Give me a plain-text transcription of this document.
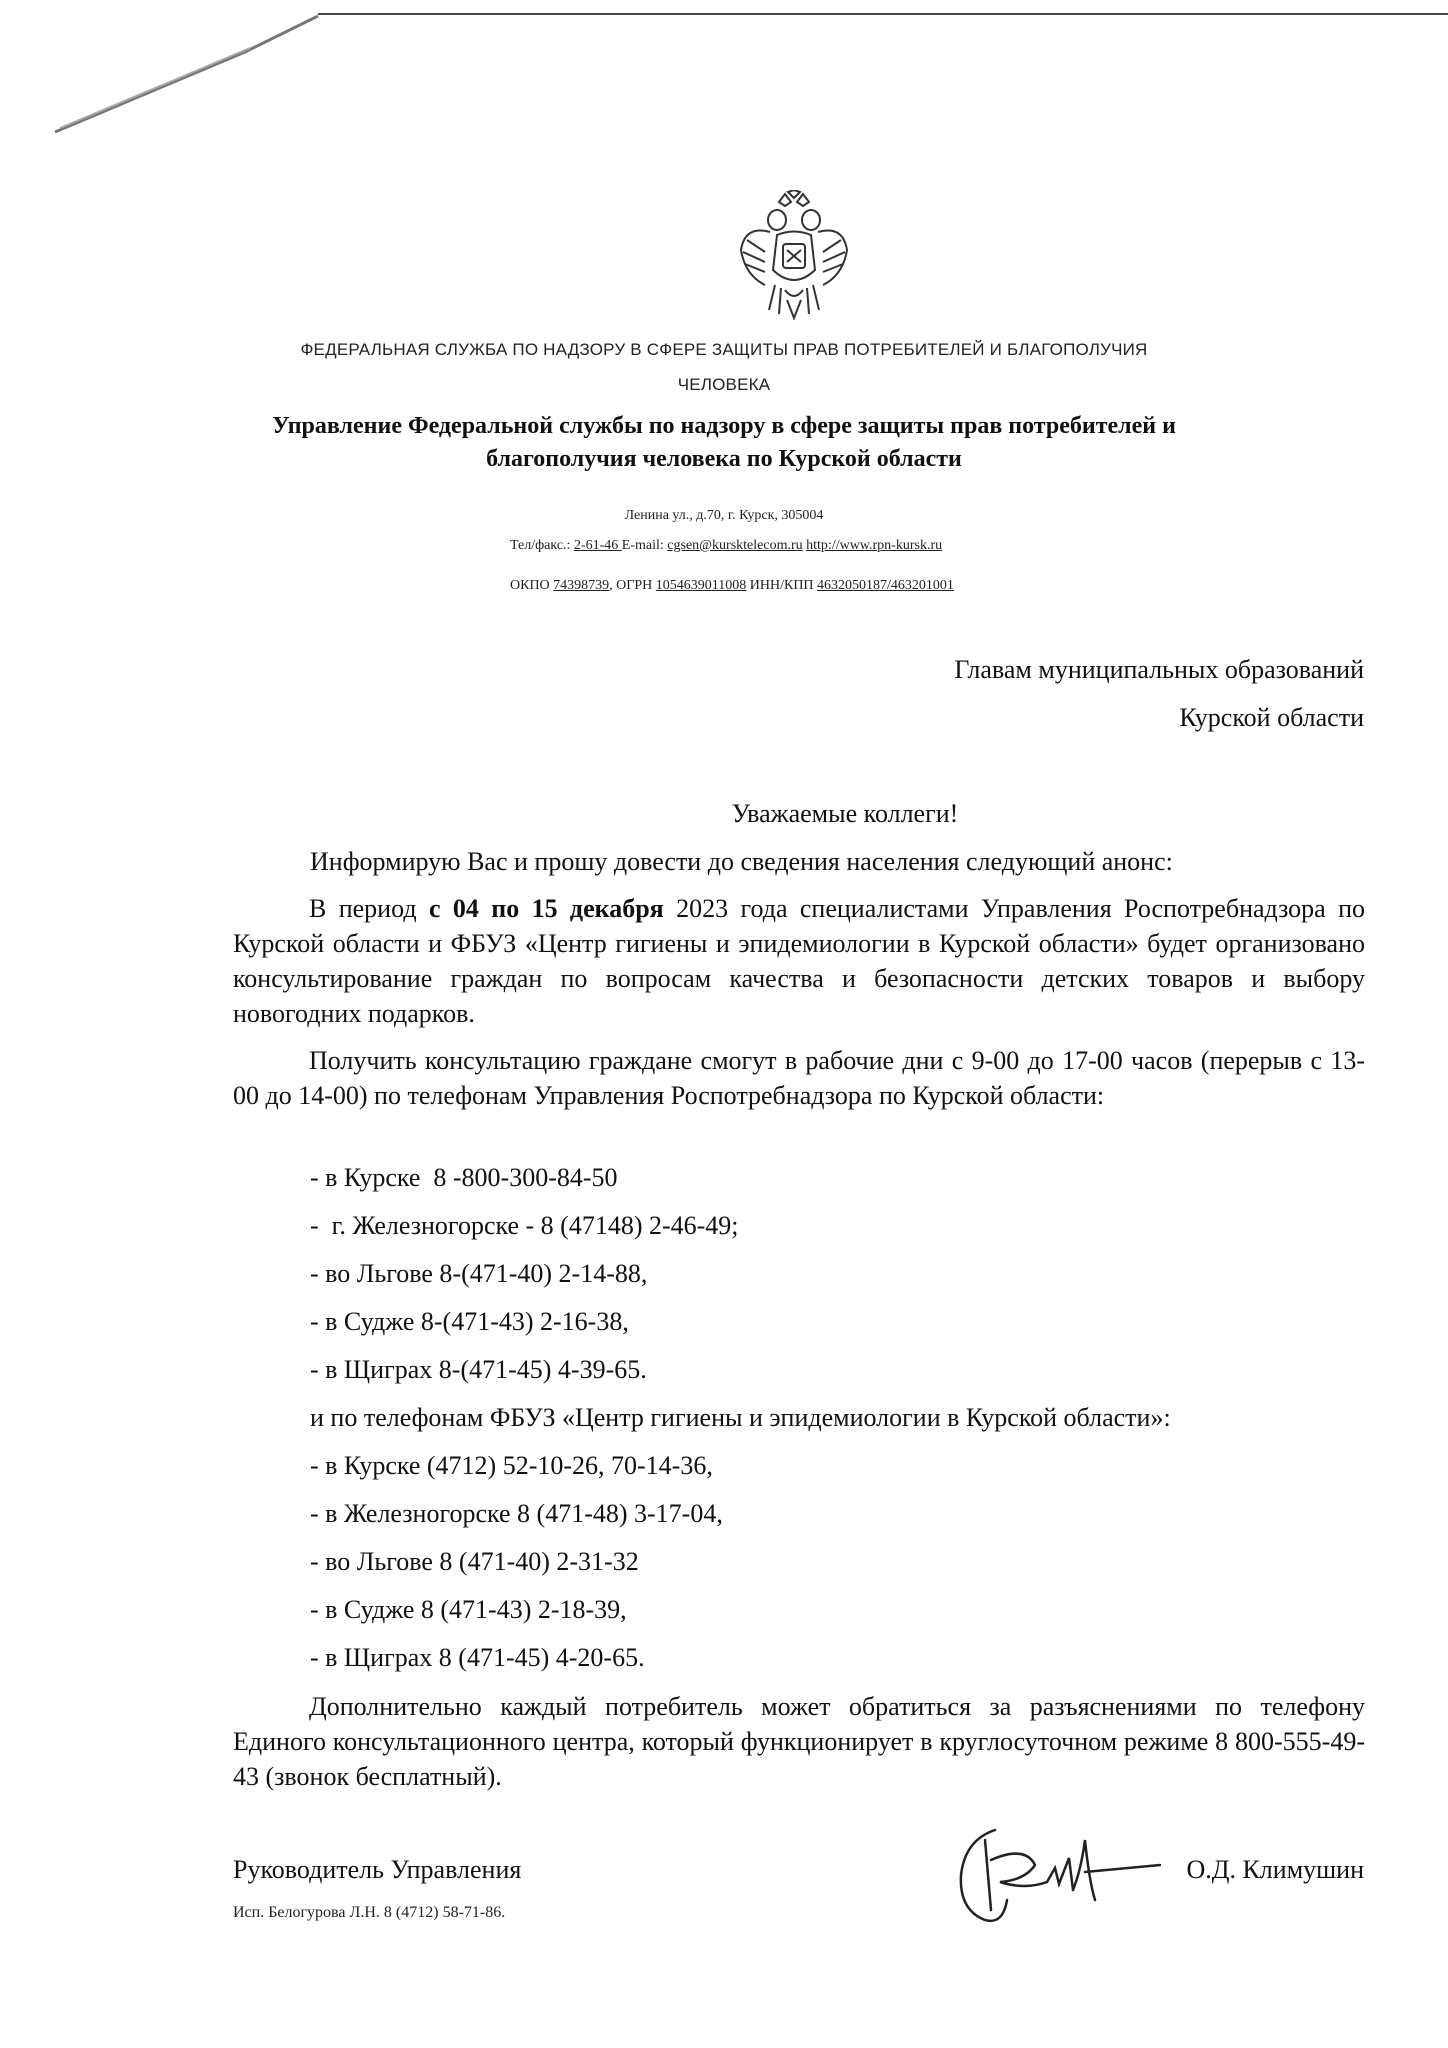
ФЕДЕРАЛЬНАЯ СЛУЖБА ПО НАДЗОРУ В СФЕРЕ ЗАЩИТЫ ПРАВ ПОТРЕБИТЕЛЕЙ И БЛАГОПОЛУЧИЯ
ЧЕЛОВЕКА
Управление Федеральной службы по надзору в сфере защиты прав потребителей и
благополучия человека по Курской области
Ленина ул., д.70, г. Курск, 305004
Тел/факс.: 2-61-46 E-mail: cgsen@kursktelecom.ru http://www.rpn-kursk.ru
ОКПО 74398739, ОГРН 1054639011008 ИНН/КПП 4632050187/463201001
Главам муниципальных образований
Курской области
Уважаемые коллеги!
Информирую Вас и прошу довести до сведения населения следующий анонс:
В период с 04 по 15 декабря 2023 года специалистами Управления Роспотребнадзора по Курской области и ФБУЗ «Центр гигиены и эпидемиологии в Курской области» будет организовано консультирование граждан по вопросам качества и безопасности детских товаров и выбору новогодних подарков.
Получить консультацию граждане смогут в рабочие дни с 9-00 до 17-00 часов (перерыв с 13-00 до 14-00) по телефонам Управления Роспотребнадзора по Курской области:
- в Курске  8 -800-300-84-50
-  г. Железногорске - 8 (47148) 2-46-49;
- во Льгове 8-(471-40) 2-14-88,
- в Судже 8-(471-43) 2-16-38,
- в Щиграх 8-(471-45) 4-39-65.
и по телефонам ФБУЗ «Центр гигиены и эпидемиологии в Курской области»:
- в Курске (4712) 52-10-26, 70-14-36,
- в Железногорске 8 (471-48) 3-17-04,
- во Льгове 8 (471-40) 2-31-32
- в Судже 8 (471-43) 2-18-39,
- в Щиграх 8 (471-45) 4-20-65.
Дополнительно каждый потребитель может обратиться за разъяснениями по телефону Единого консультационного центра, который функционирует в круглосуточном режиме 8 800-555-49-43 (звонок бесплатный).
Руководитель Управления	О.Д. Климушин
Исп. Белогурова Л.Н. 8 (4712) 58-71-86.
